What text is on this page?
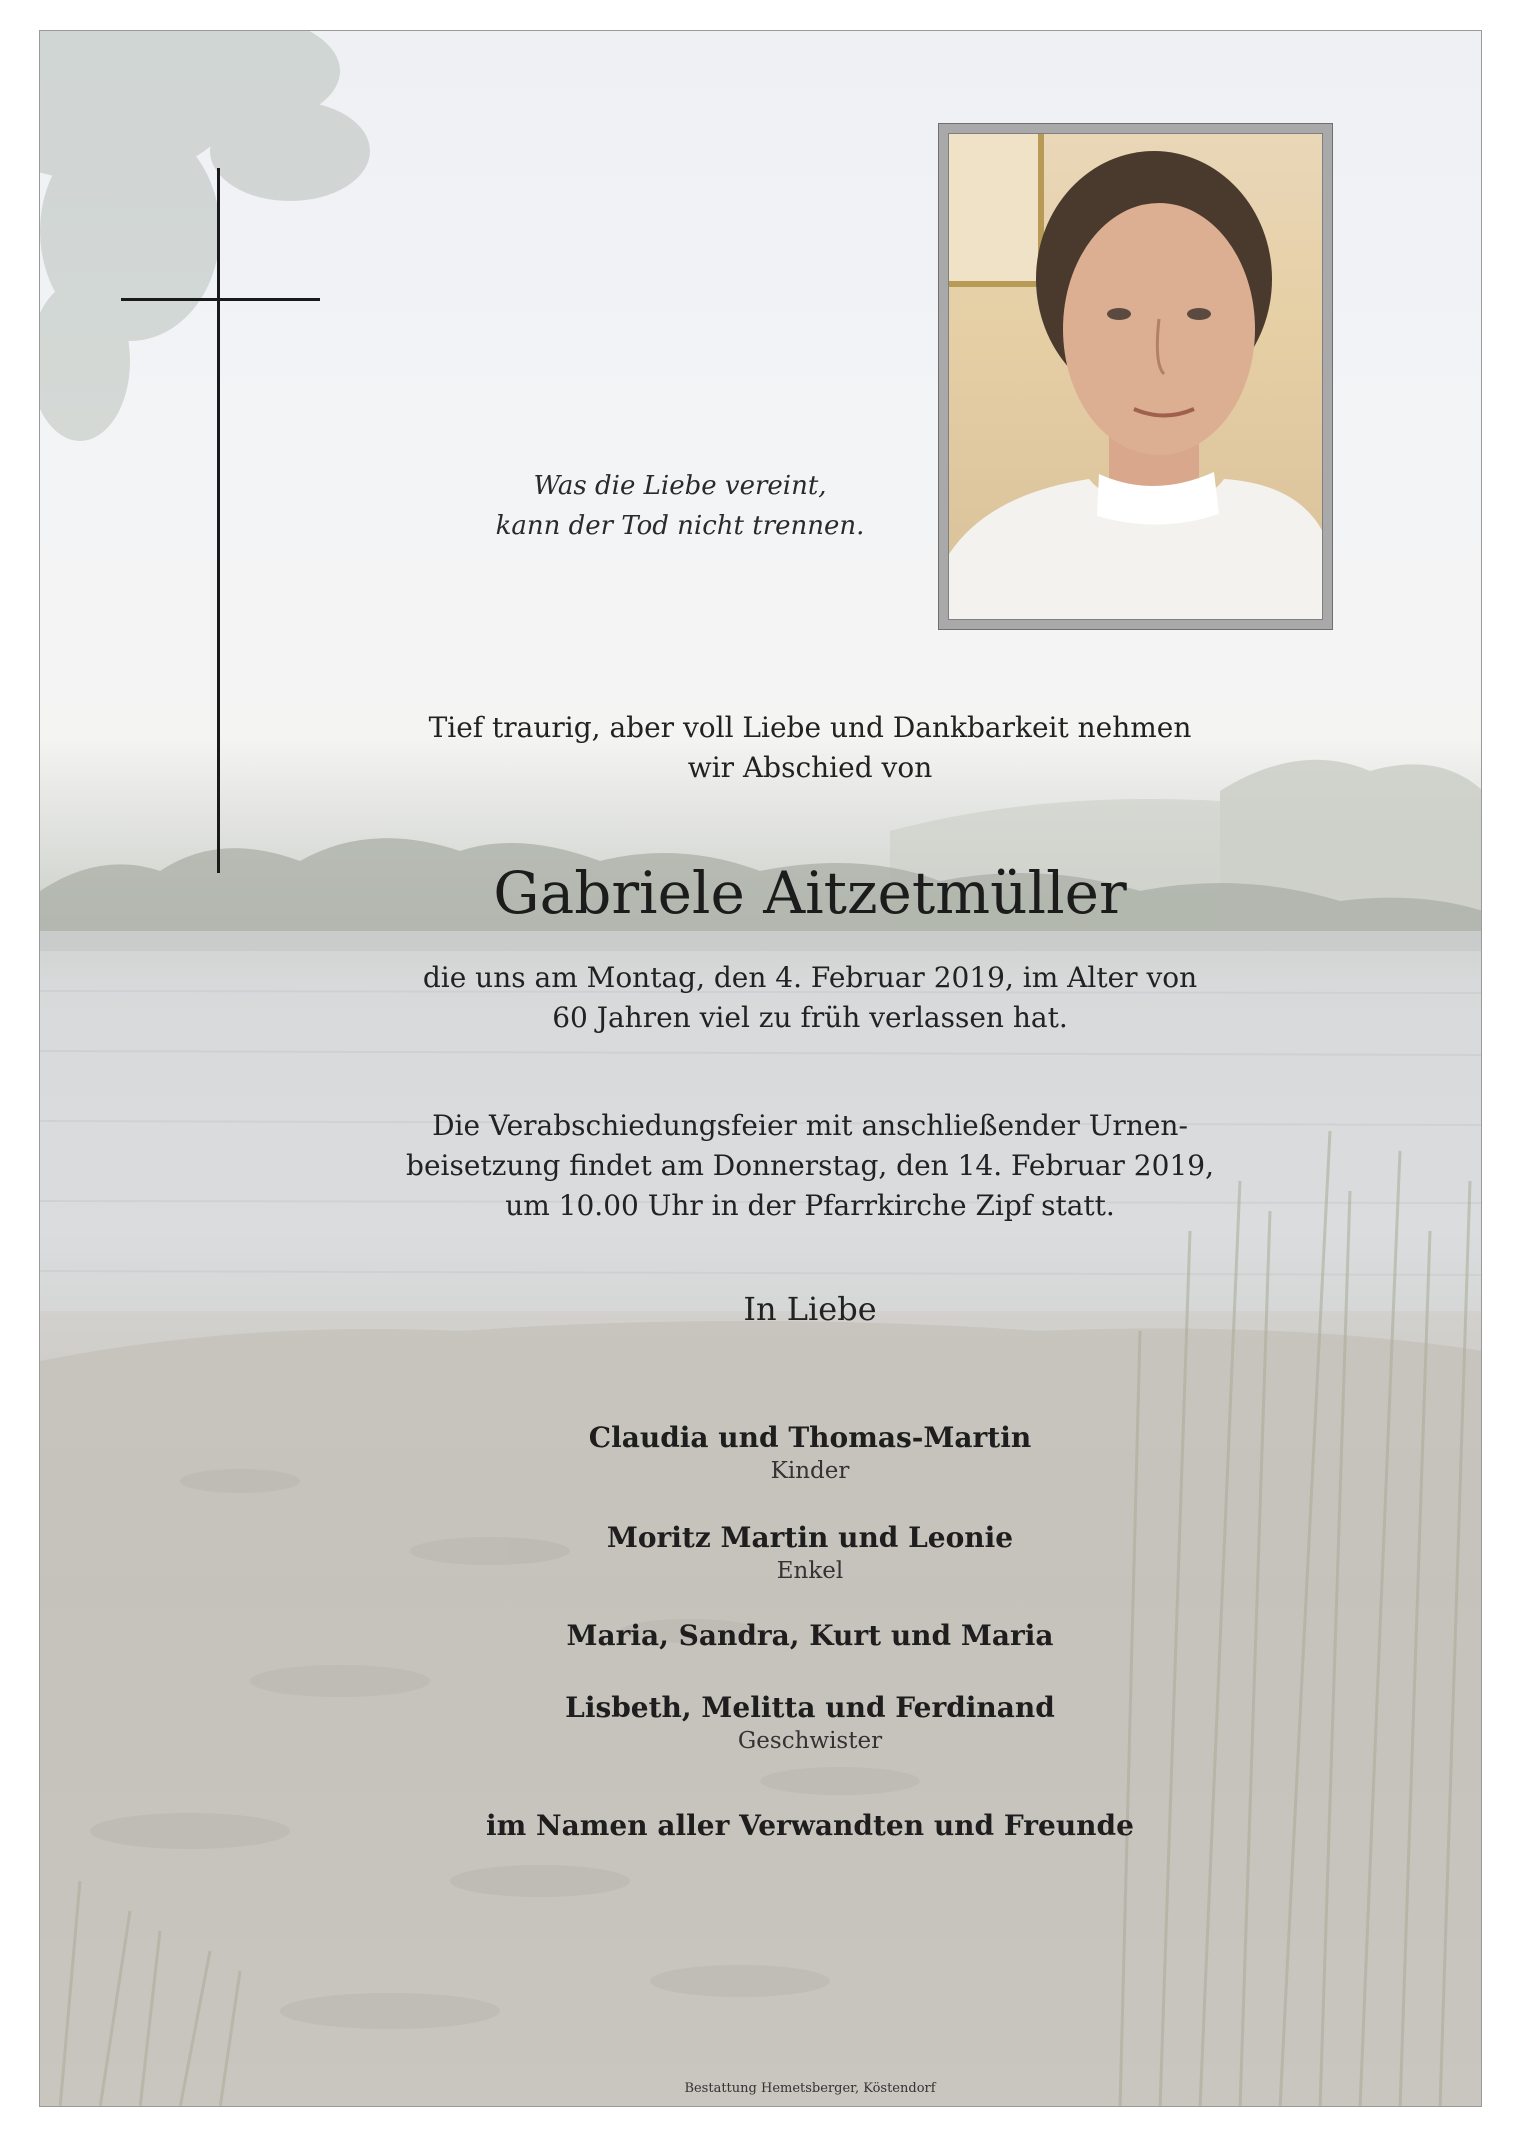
Was die Liebe vereint,
kann der Tod nicht trennen.
Tief traurig, aber voll Liebe und Dankbarkeit nehmen
wir Abschied von
Gabriele Aitzetmüller
die uns am Montag, den 4. Februar 2019, im Alter von
60 Jahren viel zu früh verlassen hat.
Die Verabschiedungsfeier mit anschließender Urnen-
beisetzung findet am Donnerstag, den 14. Februar 2019,
um 10.00 Uhr in der Pfarrkirche Zipf statt.
In Liebe
Claudia und Thomas-Martin
Kinder
Moritz Martin und Leonie
Enkel
Maria, Sandra, Kurt und Maria
Lisbeth, Melitta und Ferdinand
Geschwister
im Namen aller Verwandten und Freunde
Bestattung Hemetsberger, Köstendorf
